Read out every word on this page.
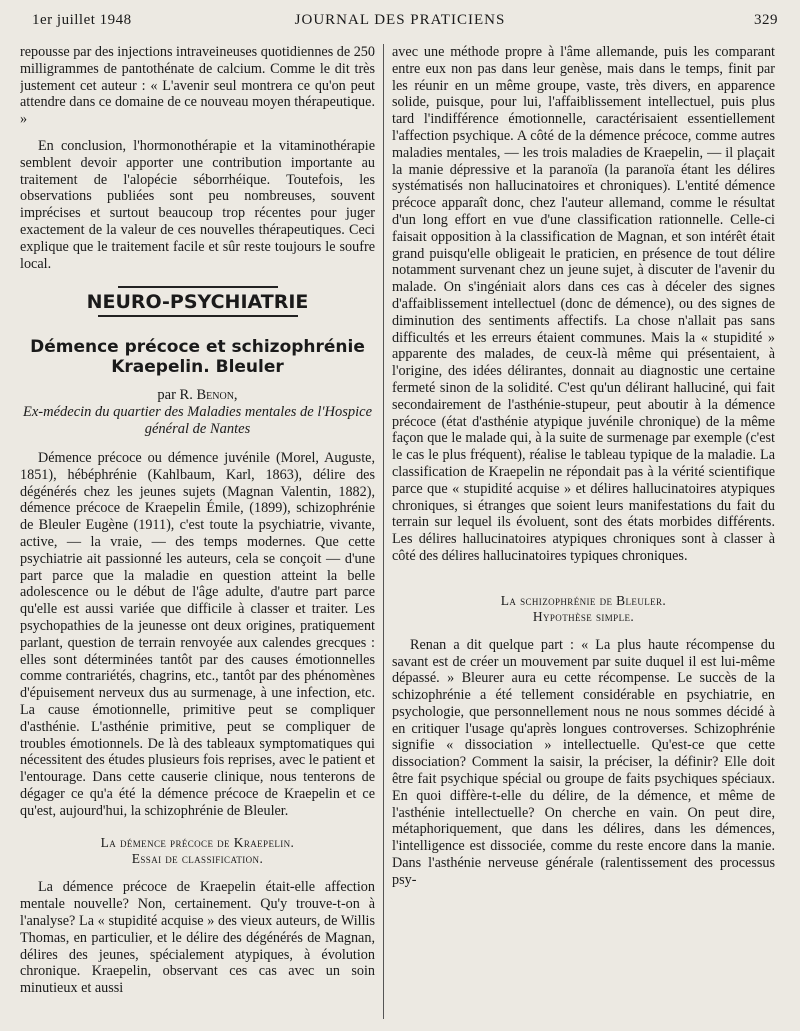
1er juillet 1948	JOURNAL DES PRATICIENS	329

repousse par des injections intraveineuses quotidiennes de 250 milligrammes de pantothénate de calcium. Comme le dit très justement cet auteur : « L'avenir seul montrera ce qu'on peut attendre dans ce domaine de ce nouveau moyen thérapeutique. »

En conclusion, l'hormonothérapie et la vitaminothérapie semblent devoir apporter une contribution importante au traitement de l'alopécie séborrhéique. Toutefois, les observations publiées sont peu nombreuses, souvent imprécises et surtout beaucoup trop récentes pour juger exactement de la valeur de ces nouvelles thérapeutiques. Ceci explique que le traitement facile et sûr reste toujours le soufre local.

NEURO-PSYCHIATRIE
Démence précoce et schizophrénie Kraepelin. Bleuler
par R. Benon,
Ex-médecin du quartier des Maladies mentales de l'Hospice général de Nantes

Démence précoce ou démence juvénile (Morel, Auguste, 1851), hébéphrénie (Kahlbaum, Karl, 1863), délire des dégénérés chez les jeunes sujets (Magnan Valentin, 1882), démence précoce de Kraepelin Émile, (1899), schizophrénie de Bleuler Eugène (1911), c'est toute la psychiatrie, vivante, active, — la vraie, — des temps modernes. Que cette psychiatrie ait passionné les auteurs, cela se conçoit — d'une part parce que la maladie en question atteint la belle adolescence ou le début de l'âge adulte, d'autre part parce qu'elle est aussi variée que difficile à classer et traiter. Les psychopathies de la jeunesse ont deux origines, pratiquement parlant, question de terrain renvoyée aux calendes grecques : elles sont déterminées tantôt par des causes émotionnelles comme contrariétés, chagrins, etc., tantôt par des phénomènes d'épuisement nerveux dus au surmenage, à une infection, etc. La cause émotionnelle, primitive peut se compliquer d'asthénie. L'asthénie primitive, peut se compliquer de troubles émotionnels. De là des tableaux symptomatiques qui nécessitent des études plusieurs fois reprises, avec le patient et l'entourage. Dans cette causerie clinique, nous tenterons de dégager ce qu'a été la démence précoce de Kraepelin et ce qu'est, aujourd'hui, la schizophrénie de Bleuler.

La démence précoce de Kraepelin.
Essai de classification.

La démence précoce de Kraepelin était-elle affection mentale nouvelle? Non, certainement. Qu'y trouve-t-on à l'analyse? La « stupidité acquise » des vieux auteurs, de Willis Thomas, en particulier, et le délire des dégénérés de Magnan, délires des jeunes, spécialement atypiques, à évolution chronique. Kraepelin, observant ces cas avec un soin minutieux et aussi

avec une méthode propre à l'âme allemande, puis les comparant entre eux non pas dans leur genèse, mais dans le temps, finit par les réunir en un même groupe, vaste, très divers, en apparence solide, puisque, pour lui, l'affaiblissement intellectuel, puis plus tard l'indifférence émotionnelle, caractérisaient essentiellement l'affection psychique. A côté de la démence précoce, comme autres maladies mentales, — les trois maladies de Kraepelin, — il plaçait la manie dépressive et la paranoïa (la paranoïa étant les délires systématisés non hallucinatoires et chroniques). L'entité démence précoce apparaît donc, chez l'auteur allemand, comme le résultat d'un long effort en vue d'une classification rationnelle. Celle-ci faisait opposition à la classification de Magnan, et son intérêt était grand puisqu'elle obligeait le praticien, en présence de tout délire notamment survenant chez un jeune sujet, à discuter de l'avenir du malade. On s'ingéniait alors dans ces cas à déceler des signes d'affaiblissement intellectuel (donc de démence), ou des signes de diminution des sentiments affectifs. La chose n'allait pas sans difficultés et les erreurs étaient communes. Mais la « stupidité » apparente des malades, de ceux-là même qui présentaient, à l'origine, des idées délirantes, donnait au diagnostic une certaine fermeté sinon de la solidité. C'est qu'un délirant halluciné, qui fait secondairement de l'asthénie-stupeur, peut aboutir à la démence précoce (état d'asthénie atypique juvénile chronique) de la même façon que le malade qui, à la suite de surmenage par exemple (c'est le cas le plus fréquent), réalise le tableau typique de la maladie. La classification de Kraepelin ne répondait pas à la vérité scientifique parce que « stupidité acquise » et délires hallucinatoires atypiques chroniques, si étranges que soient leurs manifestations du fait du terrain sur lequel ils évoluent, sont des états morbides différents. Les délires hallucinatoires atypiques chroniques sont à classer à côté des délires hallucinatoires typiques chroniques.

La schizophrénie de Bleuler.
Hypothèse simple.

Renan a dit quelque part : « La plus haute récompense du savant est de créer un mouvement par suite duquel il est lui-même dépassé. » Bleurer aura eu cette récompense. Le succès de la schizophrénie a été tellement considérable en psychiatrie, en psychologie, que personnellement nous ne nous sommes décidé à en critiquer l'usage qu'après longues controverses. Schizophrénie signifie « dissociation » intellectuelle. Qu'est-ce que cette dissociation? Comment la saisir, la préciser, la définir? Elle doit être fait psychique spécial ou groupe de faits psychiques spéciaux. En quoi diffère-t-elle du délire, de la démence, et même de l'asthénie intellectuelle? On cherche en vain. On peut dire, métaphoriquement, que dans les délires, dans les démences, l'intelligence est dissociée, comme du reste encore dans la manie. Dans l'asthénie nerveuse générale (ralentissement des processus psy-
